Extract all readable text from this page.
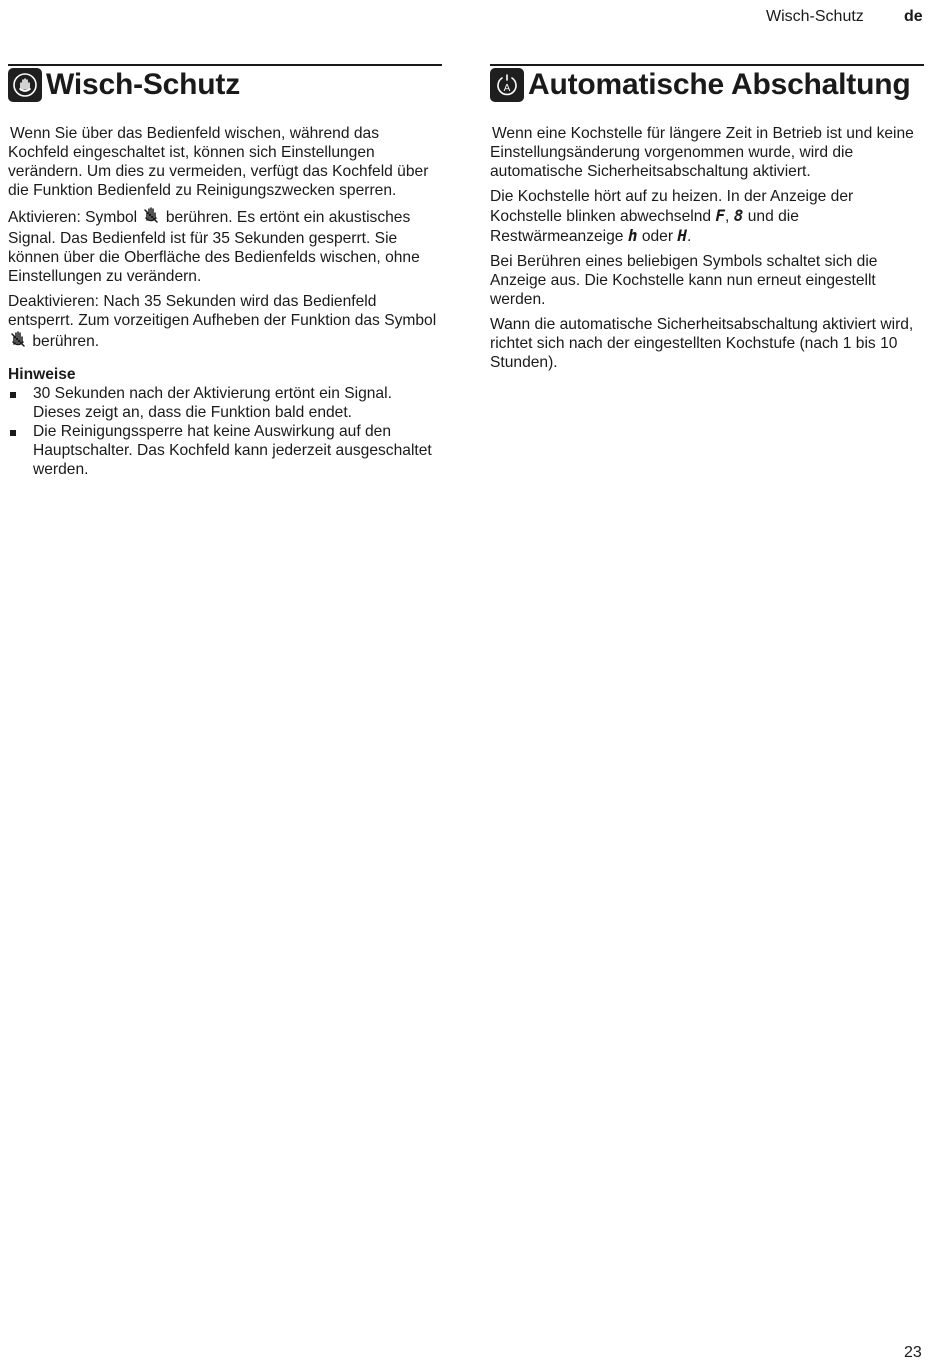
Wisch-Schutz	de
Wisch-Schutz

Wenn Sie über das Bedienfeld wischen, während das Kochfeld eingeschaltet ist, können sich Einstellungen verändern. Um dies zu vermeiden, verfügt das Kochfeld über die Funktion Bedienfeld zu Reinigungszwecken sperren.

Aktivieren: Symbol berühren. Es ertönt ein akustisches Signal. Das Bedienfeld ist für 35 Sekunden gesperrt. Sie können über die Oberfläche des Bedienfelds wischen, ohne Einstellungen zu verändern.

Deaktivieren: Nach 35 Sekunden wird das Bedienfeld entsperrt. Zum vorzeitigen Aufheben der Funktion das Symbol  berühren.

Hinweise
30 Sekunden nach der Aktivierung ertönt ein Signal. Dieses zeigt an, dass die Funktion bald endet.
Die Reinigungssperre hat keine Auswirkung auf den Hauptschalter. Das Kochfeld kann jederzeit ausgeschaltet werden.
A Automatische Abschaltung

Wenn eine Kochstelle für längere Zeit in Betrieb ist und keine Einstellungsänderung vorgenommen wurde, wird die automatische Sicherheitsabschaltung aktiviert.

Die Kochstelle hört auf zu heizen. In der Anzeige der Kochstelle blinken abwechselnd F, 8 und die Restwärmeanzeige h oder H.

Bei Berühren eines beliebigen Symbols schaltet sich die Anzeige aus. Die Kochstelle kann nun erneut eingestellt werden.

Wann die automatische Sicherheitsabschaltung aktiviert wird, richtet sich nach der eingestellten Kochstufe (nach 1 bis 10 Stunden).

23
